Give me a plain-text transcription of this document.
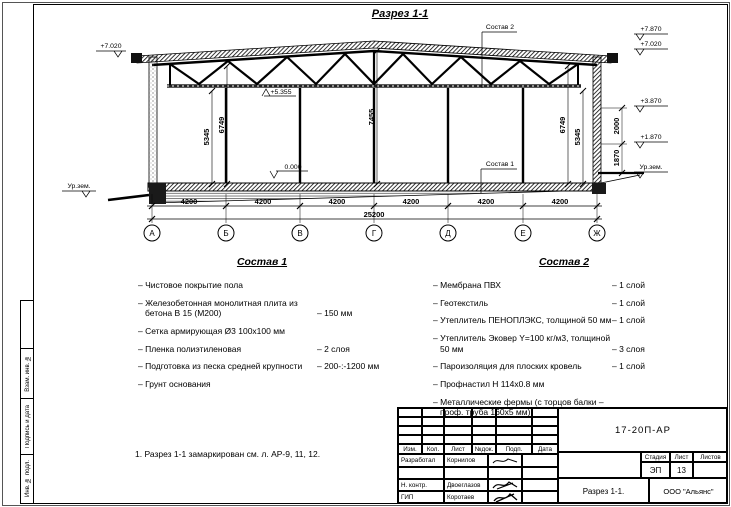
Взам. инв. №
Подпись и дата
Инв. № подл.
4200	4200	4200	4200	4200	4200
25200
А	Б	В	Г	Д	Е	Ж
5345
6749	7455	6749
5345
2000
1870
+7.020
Ур.зем.
+7.870
+7.020
+3.870
+1.870
Ур.зем.
+5.355
0.000
Состав 2
Состав 1
Разрез 1-1
Состав 1
– Чистовое покрытие пола
– Железобетонная монолитная плита из бетона В 15 (М200)	– 150 мм
– Сетка армирующая Ø3 100х100 мм
– Пленка полиэтиленовая	– 2 слоя
– Подготовка из песка средней крупности	– 200-:-1200 мм
– Грунт основания
Состав 2
– Мембрана ПВХ	– 1 слой
– Геотекстиль	– 1 слой
– Утеплитель ПЕНОПЛЭКС, толщиной 50 мм – 1 слой
– Утеплитель Эковер Y=100 кг/м3, толщиной 50 мм	– 3 слоя
– Пароизоляция для плоских кровель	– 1 слой
– Профнастил Н 114х0.8 мм
– Металлические фермы (с торцов балки – проф. труба 160х5 мм)
1. Разрез 1-1 замаркирован см. л. АР-9, 11, 12.	Изм.	Кол.	Лист	№док.	Подп.	Дата
Разработал	Корнилов
Н. контр.	Двоеглазов
ГИП	Коротаев
17-20П-АР
Стадия	Лист	Листов
ЭП	13
Разрез 1-1.	ООО "Альянс"
